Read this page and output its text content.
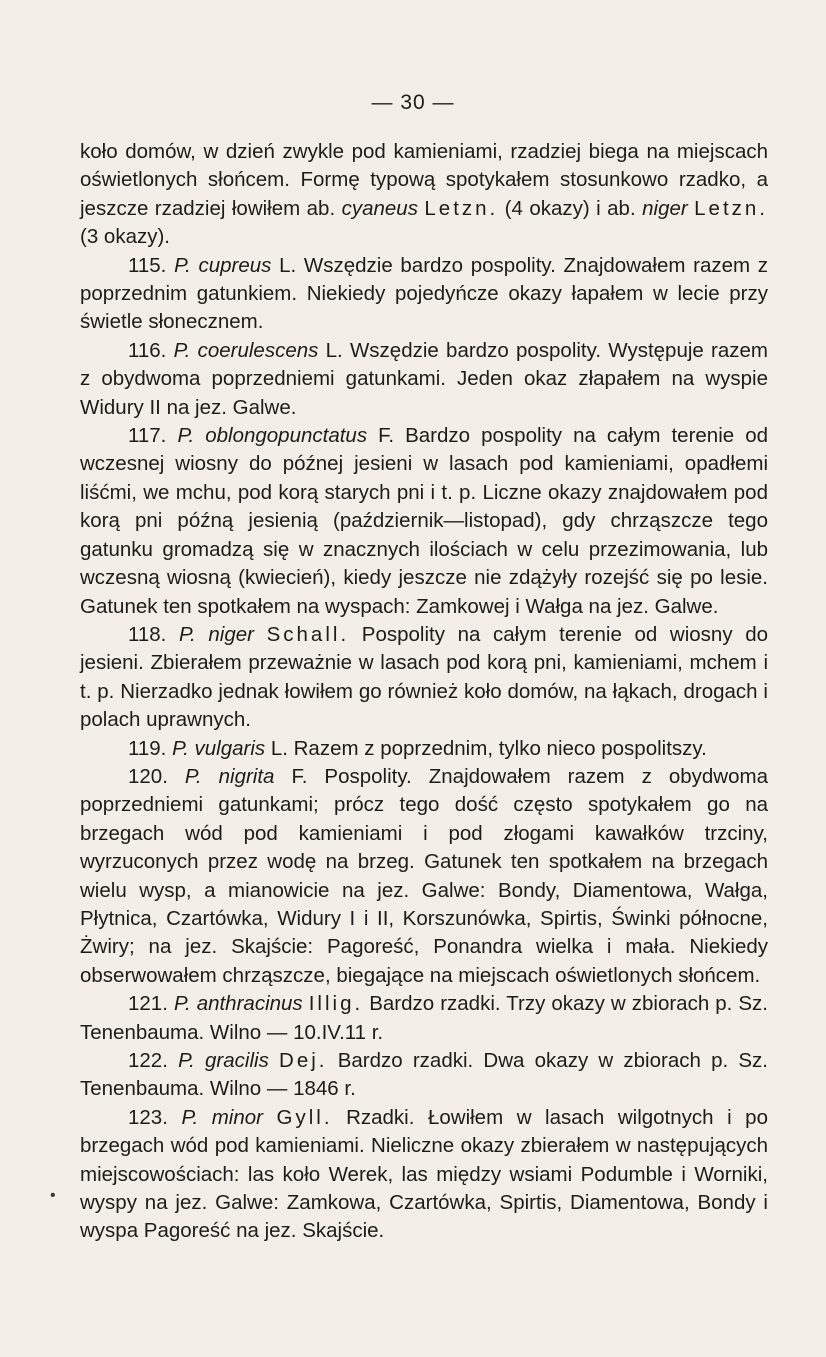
— 30 —
•

koło domów, w dzień zwykle pod kamieniami, rzadziej biega na miejscach oświetlonych słońcem. Formę typową spotykałem stosunkowo rzadko, a jeszcze rzadziej łowiłem ab. cyaneus Letzn. (4 okazy) i ab. niger Letzn. (3 okazy).

115. P. cupreus L. Wszędzie bardzo pospolity. Znajdowałem razem z poprzednim gatunkiem. Niekiedy pojedyńcze okazy łapałem w lecie przy świetle słonecznem.

116. P. coerulescens L. Wszędzie bardzo pospolity. Występuje razem z obydwoma poprzedniemi gatunkami. Jeden okaz złapałem na wyspie Widury II na jez. Galwe.

117. P. oblongopunctatus F. Bardzo pospolity na całym terenie od wczesnej wiosny do późnej jesieni w lasach pod kamieniami, opadłemi liśćmi, we mchu, pod korą starych pni i t. p. Liczne okazy znajdowałem pod korą pni późną jesienią (październik—listopad), gdy chrząszcze tego gatunku gromadzą się w znacznych ilościach w celu przezimowania, lub wczesną wiosną (kwiecień), kiedy jeszcze nie zdążyły rozejść się po lesie. Gatunek ten spotkałem na wyspach: Zamkowej i Wałga na jez. Galwe.

118. P. niger Schall. Pospolity na całym terenie od wiosny do jesieni. Zbierałem przeważnie w lasach pod korą pni, kamieniami, mchem i t. p. Nierzadko jednak łowiłem go również koło domów, na łąkach, drogach i polach uprawnych.

119. P. vulgaris L. Razem z poprzednim, tylko nieco pospolitszy.

120. P. nigrita F. Pospolity. Znajdowałem razem z obydwoma poprzedniemi gatunkami; prócz tego dość często spotykałem go na brzegach wód pod kamieniami i pod złogami kawałków trzciny, wyrzuconych przez wodę na brzeg. Gatunek ten spotkałem na brzegach wielu wysp, a mianowicie na jez. Galwe: Bondy, Diamentowa, Wałga, Płytnica, Czartówka, Widury I i II, Korszunówka, Spirtis, Świnki północne, Żwiry; na jez. Skajście: Pagoreść, Ponandra wielka i mała. Niekiedy obserwowałem chrząszcze, biegające na miejscach oświetlonych słońcem.

121. P. anthracinus Illig. Bardzo rzadki. Trzy okazy w zbiorach p. Sz. Tenenbauma. Wilno — 10.IV.11 r.

122. P. gracilis Dej. Bardzo rzadki. Dwa okazy w zbiorach p. Sz. Tenenbauma. Wilno — 1846 r.

123. P. minor Gyll. Rzadki. Łowiłem w lasach wilgotnych i po brzegach wód pod kamieniami. Nieliczne okazy zbierałem w następujących miejscowościach: las koło Werek, las między wsiami Podumble i Worniki, wyspy na jez. Galwe: Zamkowa, Czartówka, Spirtis, Diamentowa, Bondy i wyspa Pagoreść na jez. Skajście.
